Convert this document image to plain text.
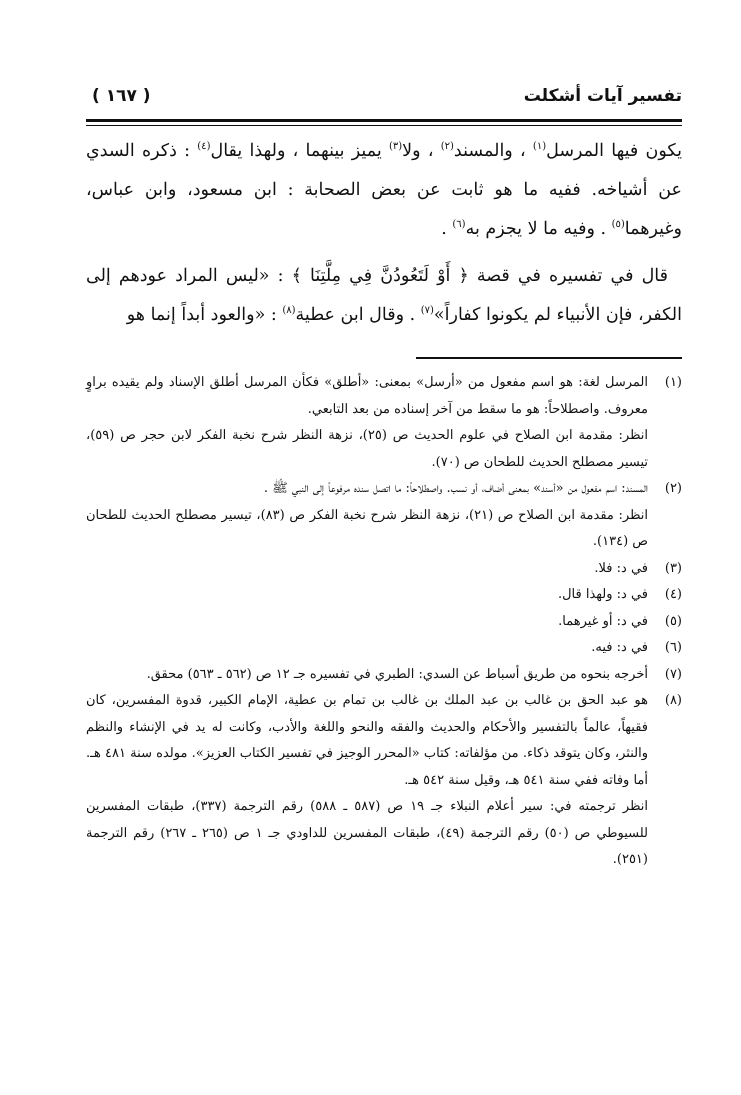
تفسير آيات أشكلت
( ١٦٧ )

يكون فيها المرسل$^{(١)}$ ، والمسند$^{(٢)}$ ، ولا$^{(٣)}$ يميز بينهما ، ولهذا يقال$^{(٤)}$ : ذكره السدي عن أشياخه. ففيه ما هو ثابت عن بعض الصحابة : ابن مسعود، وابن عباس، وغيرهما$^{(٥)}$ . وفيه ما لا يجزم به$^{(٦)}$ .

قال في تفسيره في قصة ﴿ أَوْ لَتَعُودُنَّ فِي مِلَّتِنَا ﴾ : «ليس المراد عودهم إلى الكفر، فإن الأنبياء لم يكونوا كفاراً»$^{(٧)}$ . وقال ابن عطية$^{(٨)}$ : «والعود أبداً إنما هو

(١)

المرسل لغة: هو اسم مفعول من «أرسل» بمعنى: «أطلق» فكأن المرسل أطلق الإسناد ولم يقيده براوٍ معروف. واصطلاحاً: هو ما سقط من آخر إسناده من بعد التابعي.

انظر: مقدمة ابن الصلاح في علوم الحديث ص (٢٥)، نزهة النظر شرح نخبة الفكر لابن حجر ص (٥٩)، تيسير مصطلح الحديث للطحان ص (٧٠).

(٢)

المسند: اسم مفعول من «أسند» بمعنى أضاف، أو نسب. واصطلاحاً: ما اتصل سنده مرفوعاً إلى النبي ﷺ .

انظر: مقدمة ابن الصلاح ص (٢١)، نزهة النظر شرح نخبة الفكر ص (٨٣)، تيسير مصطلح الحديث للطحان ص (١٣٤).

(٣)

في د: فلا.

(٤)

في د: ولهذا قال.

(٥)

في د: أو غيرهما.

(٦)

في د: فيه.

(٧)

أخرجه بنحوه من طريق أسباط عن السدي: الطبري في تفسيره جـ ١٢ ص (٥٦٢ ـ ٥٦٣) محقق.

(٨)

هو عبد الحق بن غالب بن عبد الملك بن غالب بن تمام بن عطية، الإمام الكبير، قدوة المفسرين، كان فقيهاً، عالماً بالتفسير والأحكام والحديث والفقه والنحو واللغة والأدب، وكانت له يد في الإنشاء والنظم والنثر، وكان يتوقد ذكاء. من مؤلفاته: كتاب «المحرر الوجيز في تفسير الكتاب العزيز». مولده سنة ٤٨١ هـ. أما وفاته ففي سنة ٥٤١ هـ، وقيل سنة ٥٤٢ هـ.

انظر ترجمته في: سير أعلام النبلاء جـ ١٩ ص (٥٨٧ ـ ٥٨٨) رقم الترجمة (٣٣٧)، طبقات المفسرين للسيوطي ص (٥٠) رقم الترجمة (٤٩)، طبقات المفسرين للداودي جـ ١ ص (٢٦٥ ـ ٢٦٧) رقم الترجمة (٢٥١).
